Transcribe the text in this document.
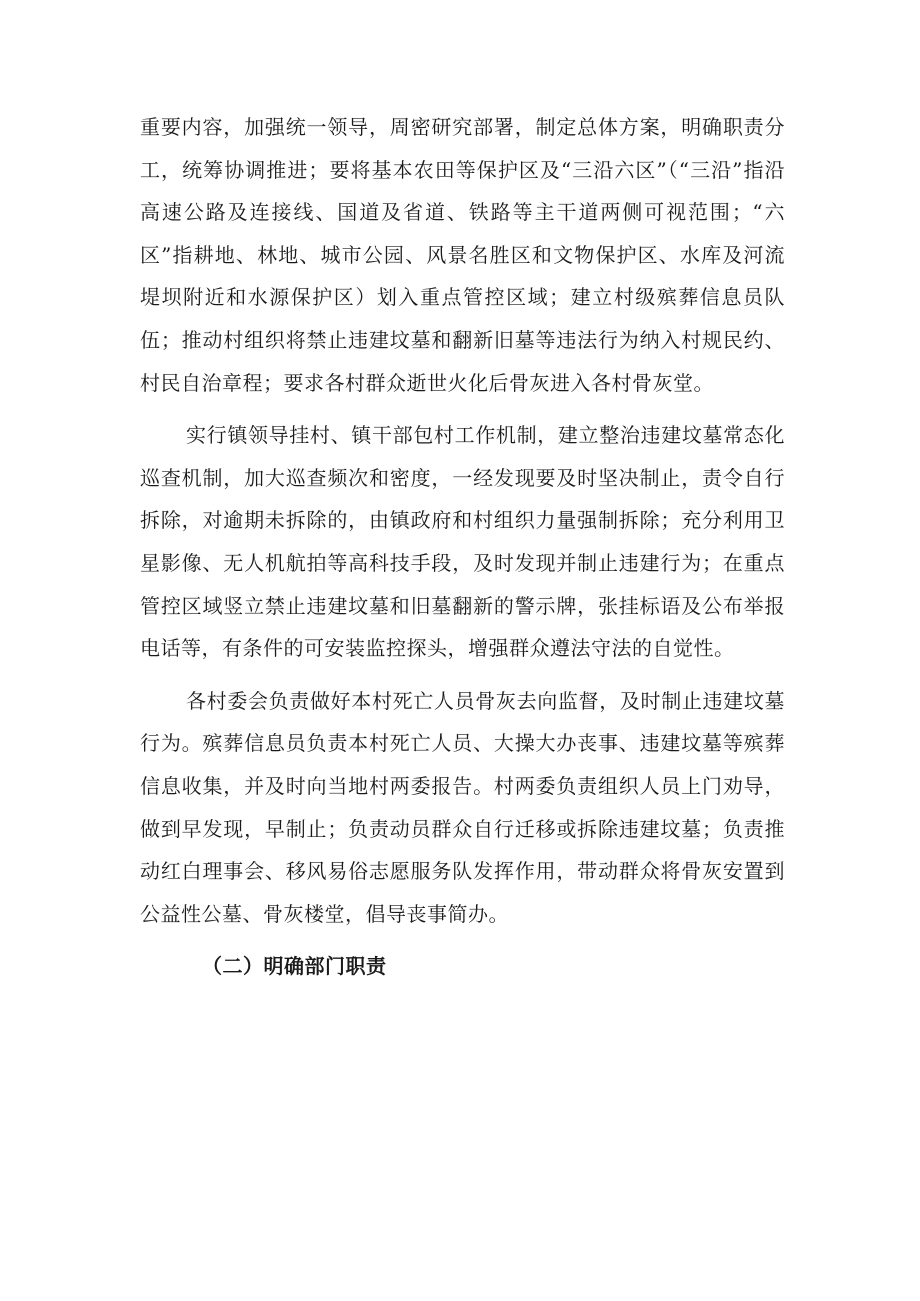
重要内容，加强统一领导，周密研究部署，制定总体方案，明确职责分工，统筹协调推进；要将基本农田等保护区及“三沿六区”（“三沿”指沿高速公路及连接线、国道及省道、铁路等主干道两侧可视范围；“六区”指耕地、林地、城市公园、风景名胜区和文物保护区、水库及河流堤坝附近和水源保护区）划入重点管控区域；建立村级殡葬信息员队伍；推动村组织将禁止违建坟墓和翻新旧墓等违法行为纳入村规民约、村民自治章程；要求各村群众逝世火化后骨灰进入各村骨灰堂。

实行镇领导挂村、镇干部包村工作机制，建立整治违建坟墓常态化巡查机制，加大巡查频次和密度，一经发现要及时坚决制止，责令自行拆除，对逾期未拆除的，由镇政府和村组织力量强制拆除；充分利用卫星影像、无人机航拍等高科技手段，及时发现并制止违建行为；在重点管控区域竖立禁止违建坟墓和旧墓翻新的警示牌，张挂标语及公布举报电话等，有条件的可安装监控探头，增强群众遵法守法的自觉性。

各村委会负责做好本村死亡人员骨灰去向监督，及时制止违建坟墓行为。殡葬信息员负责本村死亡人员、大操大办丧事、违建坟墓等殡葬信息收集，并及时向当地村两委报告。村两委负责组织人员上门劝导，做到早发现，早制止；负责动员群众自行迁移或拆除违建坟墓；负责推动红白理事会、移风易俗志愿服务队发挥作用，带动群众将骨灰安置到公益性公墓、骨灰楼堂，倡导丧事简办。

（二）明确部门职责
